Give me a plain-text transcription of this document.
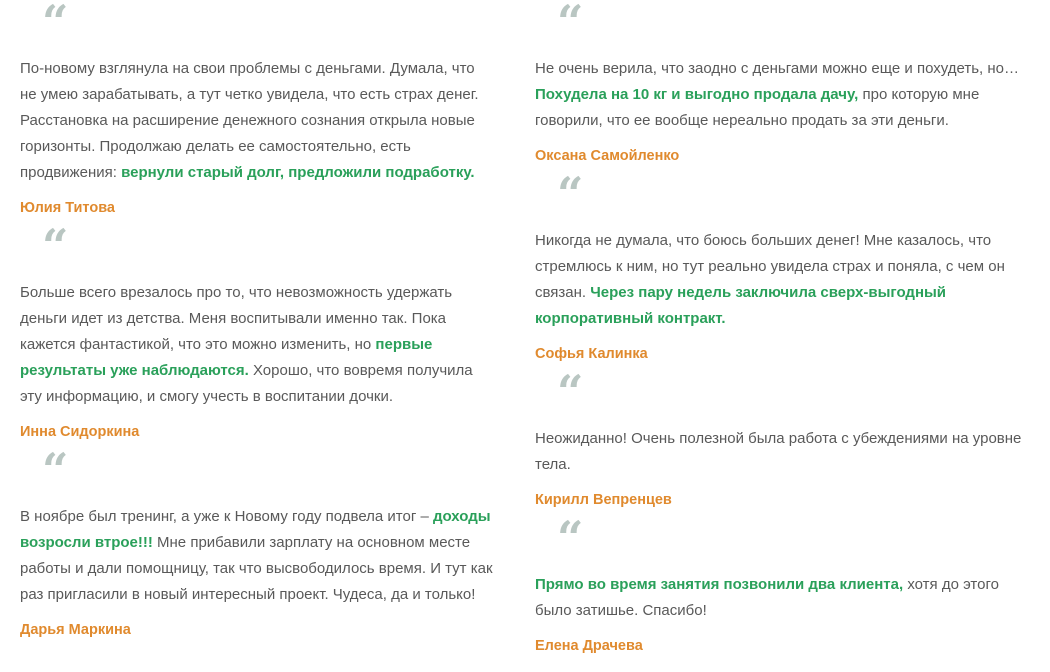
“

По-новому взглянула на свои проблемы с деньгами. Думала, что не умею зарабатывать, а тут четко увидела, что есть страх денег. Расстановка на расширение денежного сознания открыла новые горизонты. Продолжаю делать ее самостоятельно, есть продвижения: вернули старый долг, предложили подработку.

Юлия Титова
“

Больше всего врезалось про то, что невозможность удержать деньги идет из детства. Меня воспитывали именно так. Пока кажется фантастикой, что это можно изменить, но первые результаты уже наблюдаются. Хорошо, что вовремя получила эту информацию, и смогу учесть в воспитании дочки.

Инна Сидоркина
“

В ноябре был тренинг, а уже к Новому году подвела итог – доходы возросли втрое!!! Мне прибавили зарплату на основном месте работы и дали помощницу, так что высвободилось время. И тут как раз пригласили в новый интересный проект. Чудеса, да и только!

Дарья Маркина
“

Не очень верила, что заодно с деньгами можно еще и похудеть, но… Похудела на 10 кг и выгодно продала дачу, про которую мне говорили, что ее вообще нереально продать за эти деньги.

Оксана Самойленко
“

Никогда не думала, что боюсь больших денег! Мне казалось, что стремлюсь к ним, но тут реально увидела страх и поняла, с чем он связан. Через пару недель заключила сверх-выгодный корпоративный контракт.

Софья Калинка
“

Неожиданно! Очень полезной была работа с убеждениями на уровне тела.

Кирилл Вепренцев
“

Прямо во время занятия позвонили два клиента, хотя до этого было затишье. Спасибо!

Елена Драчева
